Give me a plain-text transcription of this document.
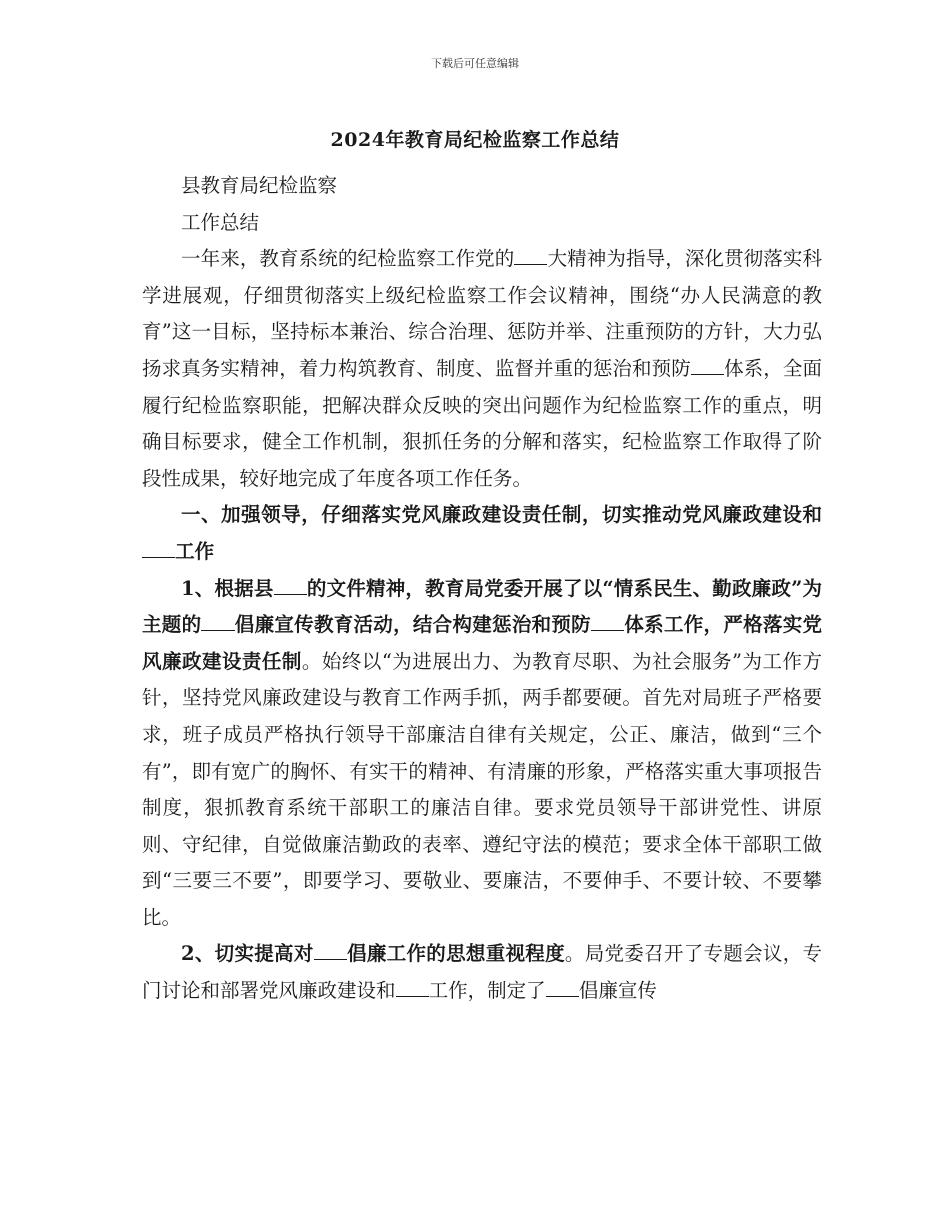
下载后可任意编辑
2024年教育局纪检监察工作总结

县教育局纪检监察

工作总结

一年来，教育系统的纪检监察工作党的 大精神为指导，深化贯彻落实科学进展观，仔细贯彻落实上级纪检监察工作会议精神，围绕“办人民满意的教育”这一目标，坚持标本兼治、综合治理、惩防并举、注重预防的方针，大力弘扬求真务实精神，着力构筑教育、制度、监督并重的惩治和预防 体系，全面履行纪检监察职能，把解决群众反映的突出问题作为纪检监察工作的重点，明确目标要求，健全工作机制，狠抓任务的分解和落实，纪检监察工作取得了阶段性成果，较好地完成了年度各项工作任务。

一、加强领导，仔细落实党风廉政建设责任制，切实推动党风廉政建设和工作

1、根据县 的文件精神，教育局党委开展了以“情系民生、勤政廉政”为主题的 倡廉宣传教育活动，结合构建惩治和预防 体系工作，严格落实党风廉政建设责任制。始终以“为进展出力、为教育尽职、为社会服务”为工作方针，坚持党风廉政建设与教育工作两手抓，两手都要硬。首先对局班子严格要求，班子成员严格执行领导干部廉洁自律有关规定，公正、廉洁，做到“三个有”，即有宽广的胸怀、有实干的精神、有清廉的形象，严格落实重大事项报告制度，狠抓教育系统干部职工的廉洁自律。要求党员领导干部讲党性、讲原则、守纪律，自觉做廉洁勤政的表率、遵纪守法的模范；要求全体干部职工做到“三要三不要”，即要学习、要敬业、要廉洁，不要伸手、不要计较、不要攀比。

2、切实提高对 倡廉工作的思想重视程度。局党委召开了专题会议，专门讨论和部署党风廉政建设和 工作，制定了 倡廉宣传
